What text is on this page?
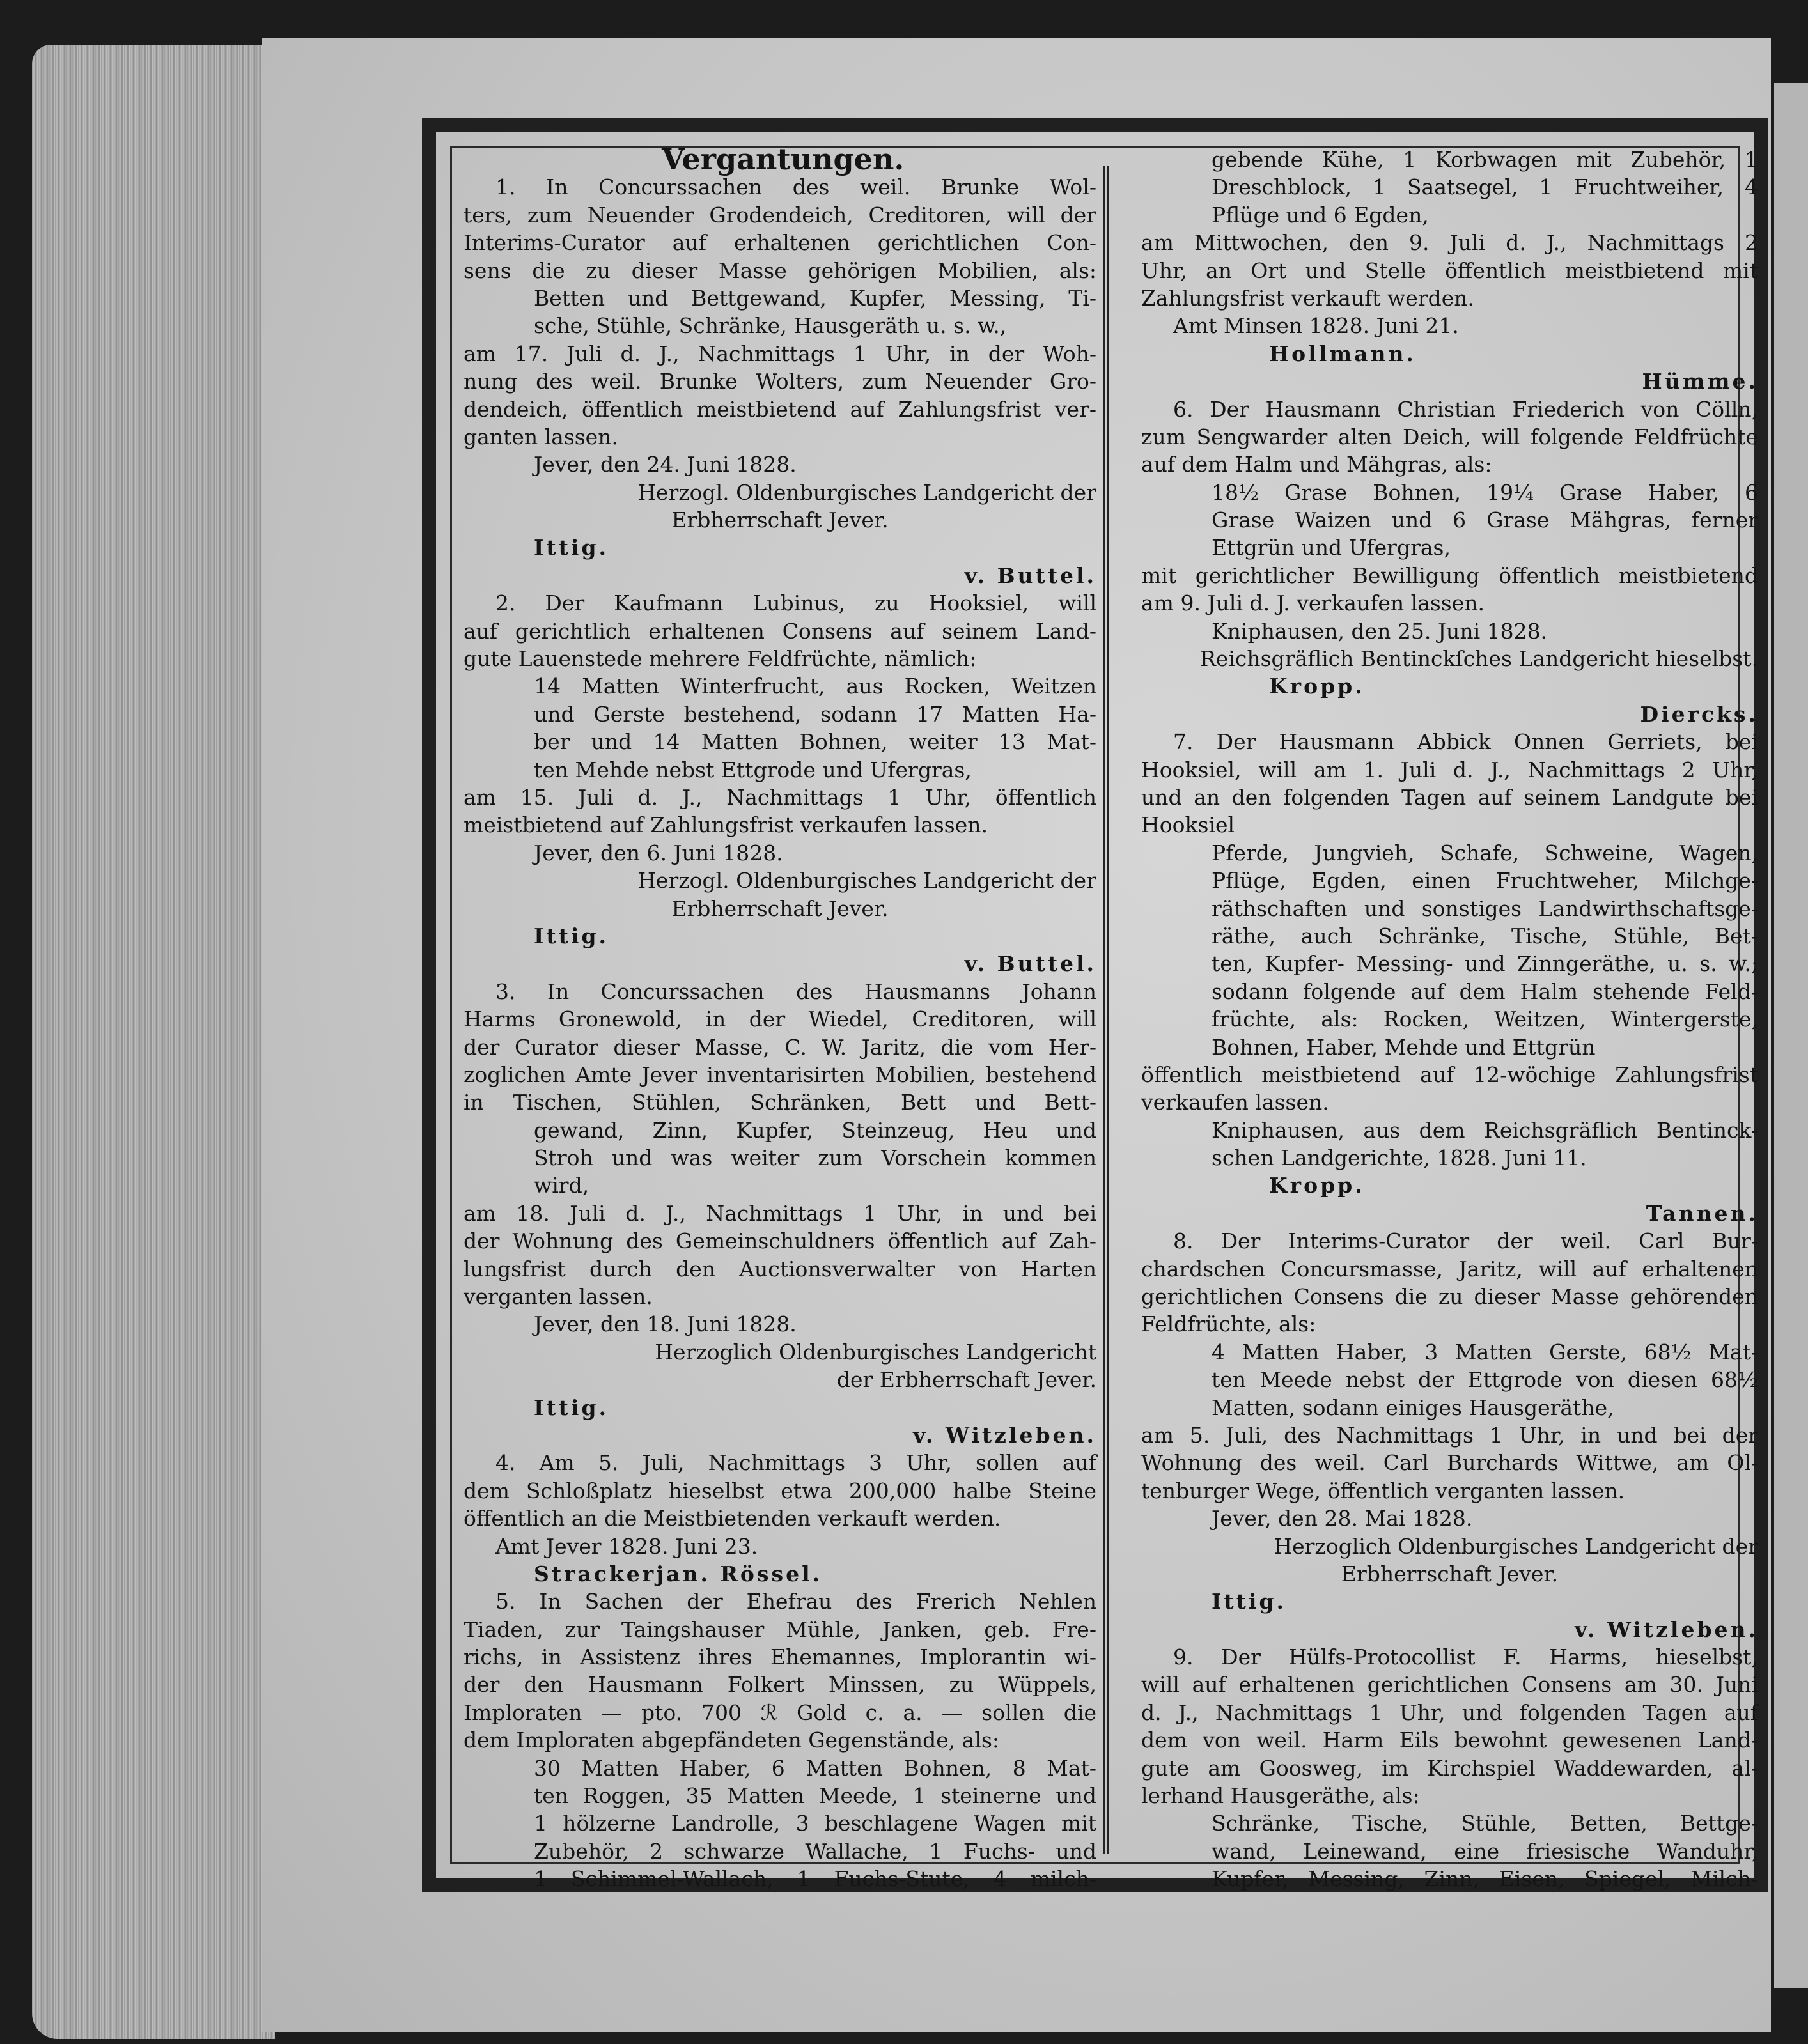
Vergantungen.
1. In Concurssachen des weil. Brunke Wol-
ters, zum Neuender Grodendeich, Creditoren, will der
Interims-Curator auf erhaltenen gerichtlichen Con-
sens die zu dieser Masse gehörigen Mobilien, als:
Betten und Bettgewand, Kupfer, Messing, Ti-
sche, Stühle, Schränke, Hausgeräth u. s. w.,
am 17. Juli d. J., Nachmittags 1 Uhr, in der Woh-
nung des weil. Brunke Wolters, zum Neuender Gro-
dendeich, öffentlich meistbietend auf Zahlungsfrist ver-
ganten lassen.
Jever, den 24. Juni 1828.
Herzogl. Oldenburgisches Landgericht der
Erbherrschaft Jever.
Ittig.
v. Buttel.
2. Der Kaufmann Lubinus, zu Hooksiel, will
auf gerichtlich erhaltenen Consens auf seinem Land-
gute Lauenstede mehrere Feldfrüchte, nämlich:
14 Matten Winterfrucht, aus Rocken, Weitzen
und Gerste bestehend, sodann 17 Matten Ha-
ber und 14 Matten Bohnen, weiter 13 Mat-
ten Mehde nebst Ettgrode und Ufergras,
am 15. Juli d. J., Nachmittags 1 Uhr, öffentlich
meistbietend auf Zahlungsfrist verkaufen lassen.
Jever, den 6. Juni 1828.
Herzogl. Oldenburgisches Landgericht der
Erbherrschaft Jever.
Ittig.
v. Buttel.
3. In Concurssachen des Hausmanns Johann
Harms Gronewold, in der Wiedel, Creditoren, will
der Curator dieser Masse, C. W. Jaritz, die vom Her-
zoglichen Amte Jever inventarisirten Mobilien, bestehend
in Tischen, Stühlen, Schränken, Bett und Bett-
gewand, Zinn, Kupfer, Steinzeug, Heu und
Stroh und was weiter zum Vorschein kommen
wird,
am 18. Juli d. J., Nachmittags 1 Uhr, in und bei
der Wohnung des Gemeinschuldners öffentlich auf Zah-
lungsfrist durch den Auctionsverwalter von Harten
verganten lassen.
Jever, den 18. Juni 1828.
Herzoglich Oldenburgisches Landgericht
der Erbherrschaft Jever.
Ittig.
v. Witzleben.
4. Am 5. Juli, Nachmittags 3 Uhr, sollen auf
dem Schloßplatz hieselbst etwa 200,000 halbe Steine
öffentlich an die Meistbietenden verkauft werden.
Amt Jever 1828. Juni 23.
Strackerjan. Rössel.
5. In Sachen der Ehefrau des Frerich Nehlen
Tiaden, zur Taingshauser Mühle, Janken, geb. Fre-
richs, in Assistenz ihres Ehemannes, Implorantin wi-
der den Hausmann Folkert Minssen, zu Wüppels,
Imploraten — pto. 700 ℛ Gold c. a. — sollen die
dem Imploraten abgepfändeten Gegenstände, als:
30 Matten Haber, 6 Matten Bohnen, 8 Mat-
ten Roggen, 35 Matten Meede, 1 steinerne und
1 hölzerne Landrolle, 3 beschlagene Wagen mit
Zubehör, 2 schwarze Wallache, 1 Fuchs- und
1 Schimmel-Wallach, 1 Fuchs-Stute, 4 milch-
gebende Kühe, 1 Korbwagen mit Zubehör, 1
Dreschblock, 1 Saatsegel, 1 Fruchtweiher, 4
Pflüge und 6 Egden,
am Mittwochen, den 9. Juli d. J., Nachmittags 2
Uhr, an Ort und Stelle öffentlich meistbietend mit
Zahlungsfrist verkauft werden.
Amt Minsen 1828. Juni 21.
Hollmann.
Hümme.
6. Der Hausmann Christian Friederich von Cölln,
zum Sengwarder alten Deich, will folgende Feldfrüchte
auf dem Halm und Mähgras, als:
18½ Grase Bohnen, 19¼ Grase Haber, 6
Grase Waizen und 6 Grase Mähgras, ferner
Ettgrün und Ufergras,
mit gerichtlicher Bewilligung öffentlich meistbietend
am 9. Juli d. J. verkaufen lassen.
Kniphausen, den 25. Juni 1828.
Reichsgräflich Bentinckſches Landgericht hieselbst.
Kropp.
Diercks.
7. Der Hausmann Abbick Onnen Gerriets, bei
Hooksiel, will am 1. Juli d. J., Nachmittags 2 Uhr,
und an den folgenden Tagen auf seinem Landgute bei
Hooksiel
Pferde, Jungvieh, Schafe, Schweine, Wagen,
Pflüge, Egden, einen Fruchtweher, Milchge-
räthschaften und sonstiges Landwirthschaftsge-
räthe, auch Schränke, Tische, Stühle, Bet-
ten, Kupfer- Messing- und Zinngeräthe, u. s. w.;
sodann folgende auf dem Halm stehende Feld-
früchte, als: Rocken, Weitzen, Wintergerste,
Bohnen, Haber, Mehde und Ettgrün
öffentlich meistbietend auf 12-wöchige Zahlungsfrist
verkaufen lassen.
Kniphausen, aus dem Reichsgräflich Bentinck-
schen Landgerichte, 1828. Juni 11.
Kropp.
Tannen.
8. Der Interims-Curator der weil. Carl Bur-
chardschen Concursmasse, Jaritz, will auf erhaltenen
gerichtlichen Consens die zu dieser Masse gehörenden
Feldfrüchte, als:
4 Matten Haber, 3 Matten Gerste, 68½ Mat-
ten Meede nebst der Ettgrode von diesen 68½
Matten, sodann einiges Hausgeräthe,
am 5. Juli, des Nachmittags 1 Uhr, in und bei der
Wohnung des weil. Carl Burchards Wittwe, am Ol-
tenburger Wege, öffentlich verganten lassen.
Jever, den 28. Mai 1828.
Herzoglich Oldenburgisches Landgericht der
Erbherrschaft Jever.
Ittig.
v. Witzleben.
9. Der Hülfs-Protocollist F. Harms, hieselbst,
will auf erhaltenen gerichtlichen Consens am 30. Juni
d. J., Nachmittags 1 Uhr, und folgenden Tagen auf
dem von weil. Harm Eils bewohnt gewesenen Land-
gute am Goosweg, im Kirchspiel Waddewarden, al-
lerhand Hausgeräthe, als:
Schränke, Tische, Stühle, Betten, Bettge-
wand, Leinewand, eine friesische Wanduhr,
Kupfer, Messing, Zinn, Eisen, Spiegel, Milch-
